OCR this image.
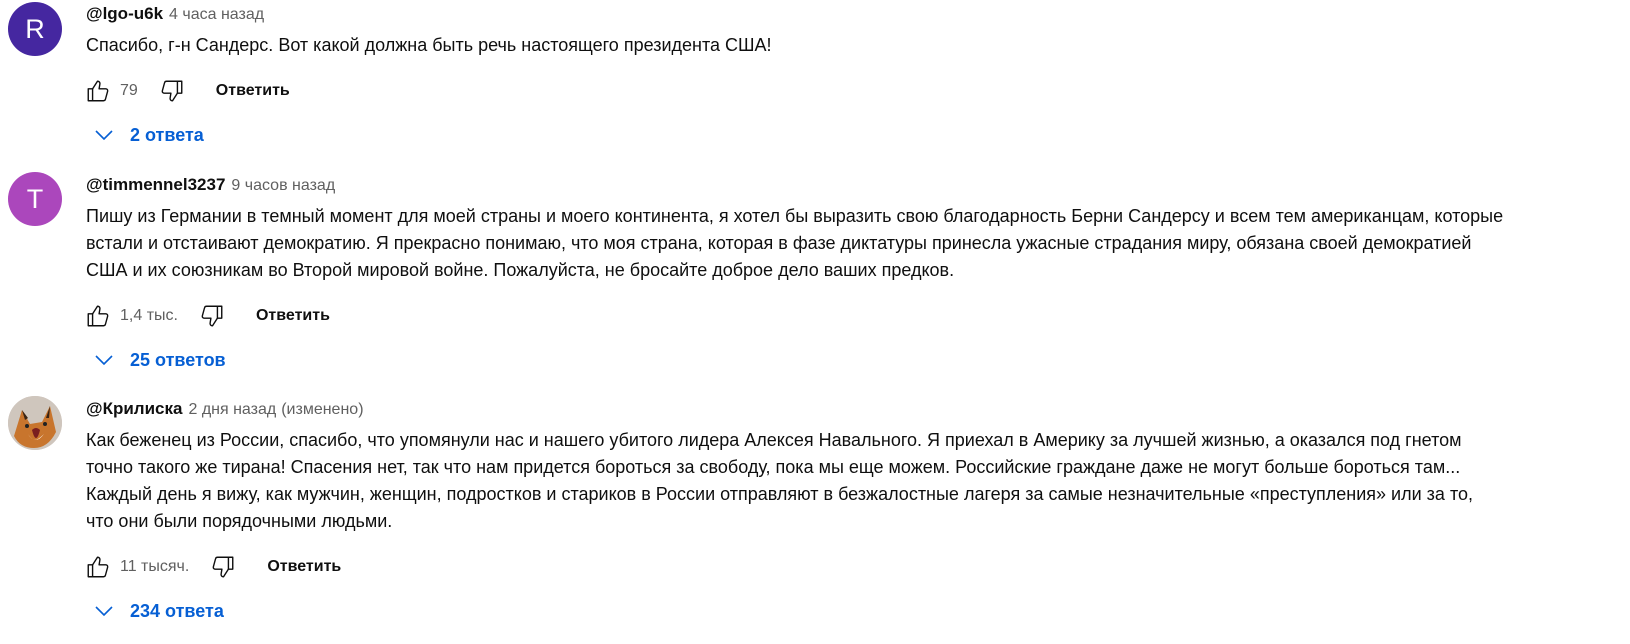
R @lgo-u6k 4 часа назад
Спасибо, г-н Сандерс. Вот какой должна быть речь настоящего президента США!
79	Ответить
2 ответа
T	@timmennel3237 9 часов назад
Пишу из Германии в темный момент для моей страны и моего континента, я хотел бы выразить свою благодарность Берни Сандерсу и всем тем американцам, которые
встали и отстаивают демократию. Я прекрасно понимаю, что моя страна, которая в фазе диктатуры принесла ужасные страдания миру, обязана своей демократией
США и их союзникам во Второй мировой войне. Пожалуйста, не бросайте доброе дело ваших предков.
1,4 тыс.	Ответить
25 ответов
@Крилиска 2 дня назад (изменено)
Как беженец из России, спасибо, что упомянули нас и нашего убитого лидера Алексея Навального. Я приехал в Америку за лучшей жизнью, а оказался под гнетом
точно такого же тирана! Спасения нет, так что нам придется бороться за свободу, пока мы еще можем. Российские граждане даже не могут больше бороться там...
Каждый день я вижу, как мужчин, женщин, подростков и стариков в России отправляют в безжалостные лагеря за самые незначительные «преступления» или за то,
что они были порядочными людьми.
11 тысяч.	Ответить
234 ответа
